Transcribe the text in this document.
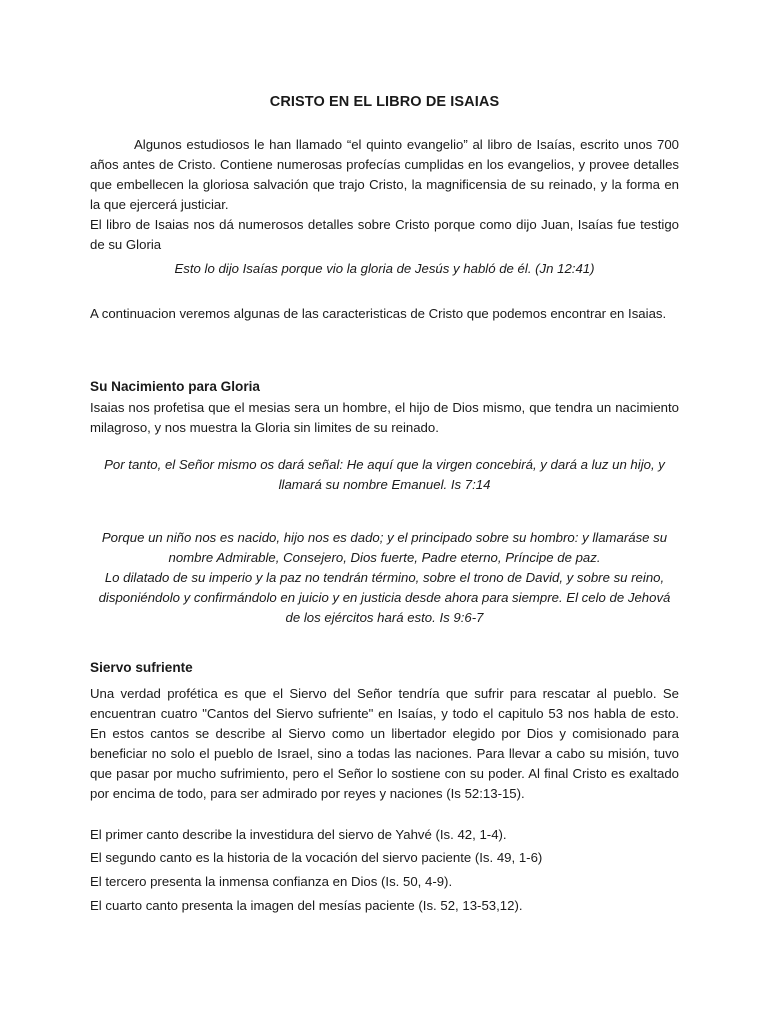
CRISTO EN EL LIBRO DE ISAIAS
Algunos estudiosos le han llamado “el quinto evangelio” al libro de Isaías, escrito unos 700 años antes de Cristo. Contiene numerosas profecías cumplidas en los evangelios, y provee detalles que embellecen la gloriosa salvación que trajo Cristo, la magnificensia de su reinado, y la forma en la que ejercerá justiciar.
El libro de Isaias nos dá numerosos detalles sobre Cristo porque como dijo Juan, Isaías fue testigo de su Gloria
Esto lo dijo Isaías porque vio la gloria de Jesús y habló de él. (Jn 12:41)
A continuacion veremos algunas de las caracteristicas de Cristo que podemos encontrar en Isaias.
Su Nacimiento para Gloria
Isaias nos profetisa que el mesias sera un hombre, el hijo de Dios mismo, que tendra un nacimiento milagroso, y nos muestra la Gloria sin limites de su reinado.
Por tanto, el Señor mismo os dará señal: He aquí que la virgen concebirá, y dará a luz un hijo, y llamará su nombre Emanuel. Is 7:14
Porque un niño nos es nacido, hijo nos es dado; y el principado sobre su hombro: y llamaráse su nombre Admirable, Consejero, Dios fuerte, Padre eterno, Príncipe de paz.
Lo dilatado de su imperio y la paz no tendrán término, sobre el trono de David, y sobre su reino, disponiéndolo y confirmándolo en juicio y en justicia desde ahora para siempre. El celo de Jehová de los ejércitos hará esto. Is 9:6-7
Siervo sufriente
Una verdad profética es que el Siervo del Señor tendría que sufrir para rescatar al pueblo. Se encuentran cuatro "Cantos del Siervo sufriente" en Isaías, y todo el capitulo 53 nos habla de esto. En estos cantos se describe al Siervo como un libertador elegido por Dios y comisionado para beneficiar no solo el pueblo de Israel, sino a todas las naciones. Para llevar a cabo su misión, tuvo que pasar por mucho sufrimiento, pero el Señor lo sostiene con su poder. Al final Cristo es exaltado por encima de todo, para ser admirado por reyes y naciones (Is 52:13-15).
El primer canto describe la investidura del siervo de Yahvé (Is. 42, 1-4).
El segundo canto es la historia de la vocación del siervo paciente (Is. 49, 1-6)
El tercero presenta la inmensa confianza en Dios (Is. 50, 4-9).
El cuarto canto presenta la imagen del mesías paciente (Is. 52, 13-53,12).
